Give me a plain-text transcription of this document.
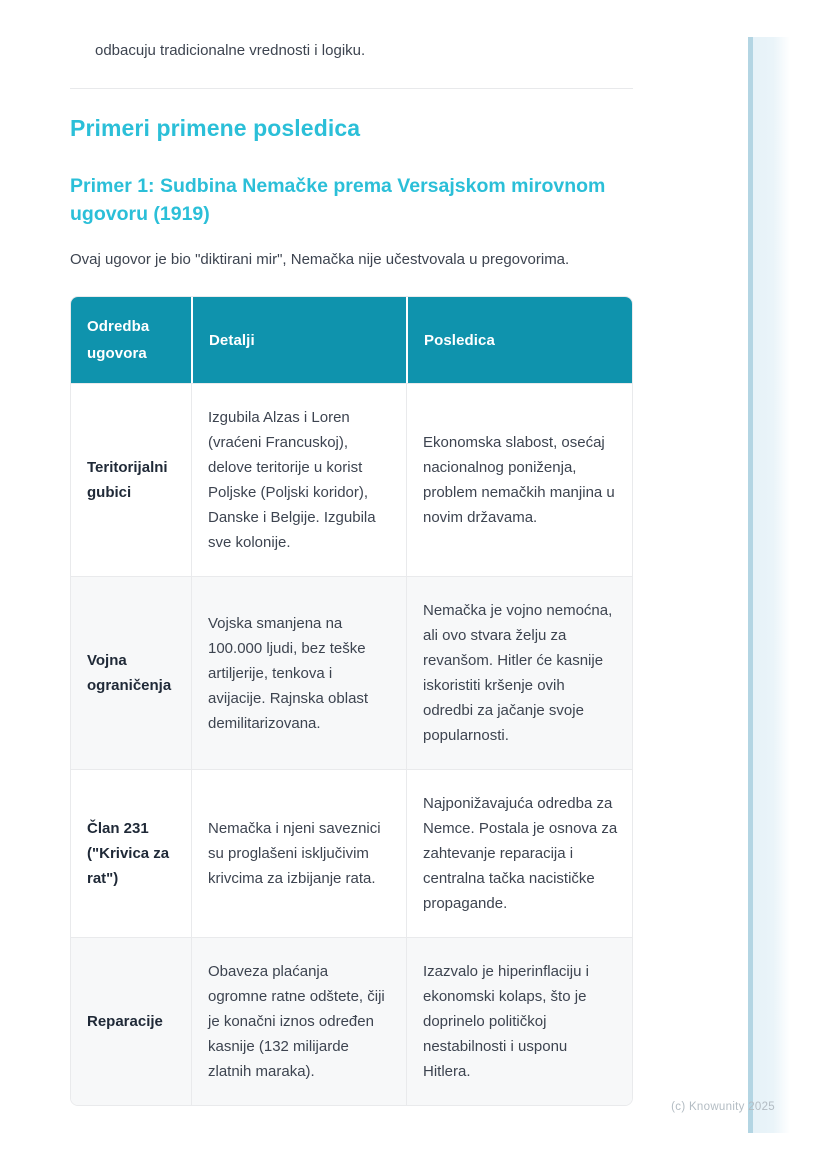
odbacuju tradicionalne vrednosti i logiku.

Primeri primene posledica
Primer 1: Sudbina Nemačke prema Versajskom mirovnom ugovoru (1919)

Ovaj ugovor je bio "diktirani mir", Nemačka nije učestvovala u pregovorima.

Odredba ugovora	Detalji	Posledica
Teritorijalni gubici	Izgubila Alzas i Loren (vraćeni Francuskoj), delove teritorije u korist Poljske (Poljski koridor), Danske i Belgije. Izgubila sve kolonije.	Ekonomska slabost, osećaj nacionalnog poniženja, problem nemačkih manjina u novim državama.
Vojna ograničenja	Vojska smanjena na 100.000 ljudi, bez teške artiljerije, tenkova i avijacije. Rajnska oblast demilitarizovana.	Nemačka je vojno nemoćna, ali ovo stvara želju za revanšom. Hitler će kasnije iskoristiti kršenje ovih odredbi za jačanje svoje popularnosti.
Član 231 ("Krivica za rat")	Nemačka i njeni saveznici su proglašeni isključivim krivcima za izbijanje rata.	Najponižavajuća odredba za Nemce. Postala je osnova za zahtevanje reparacija i centralna tačka nacističke propagande.
Reparacije	Obaveza plaćanja ogromne ratne odštete, čiji je konačni iznos određen kasnije (132 milijarde zlatnih maraka).	Izazvalo je hiperinflaciju i ekonomski kolaps, što je doprinelo političkoj nestabilnosti i usponu Hitlera.
(c) Knowunity 2025
